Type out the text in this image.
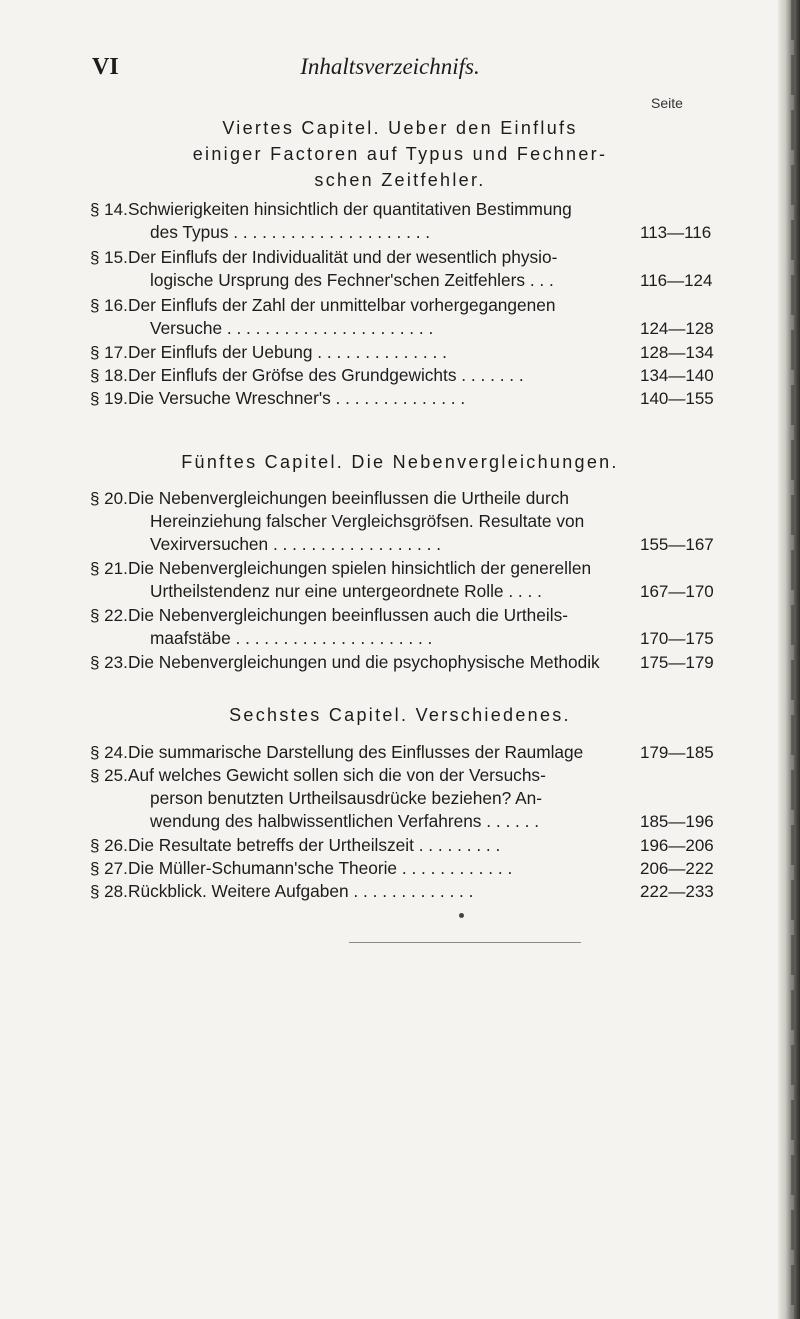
VI	Inhaltsverzeichnifs.
Seite
Viertes Capitel. Ueber den Einflufs
einiger Factoren auf Typus und Fechner-
schen Zeitfehler.
§ 14. Schwierigkeiten hinsichtlich der quantitativen Bestimmung
des Typus . . . . . . . . . . . . . . . . . . . . .	113—116
§ 15. Der Einflufs der Individualität und der wesentlich physio-
logische Ursprung des Fechner'schen Zeitfehlers . . .	116—124
§ 16. Der Einflufs der Zahl der unmittelbar vorhergegangenen
Versuche . . . . . . . . . . . . . . . . . . . . . .	124—128
§ 17. Der Einflufs der Uebung . . . . . . . . . . . . . .	128—134
§ 18. Der Einflufs der Gröfse des Grundgewichts . . . . . . .	134—140
§ 19. Die Versuche Wreschner's . . . . . . . . . . . . . .	140—155
Fünftes Capitel. Die Nebenvergleichungen.
§ 20. Die Nebenvergleichungen beeinflussen die Urtheile durch
Hereinziehung falscher Vergleichsgröfsen. Resultate von
Vexirversuchen . . . . . . . . . . . . . . . . . .	155—167
§ 21. Die Nebenvergleichungen spielen hinsichtlich der generellen
Urtheilstendenz nur eine untergeordnete Rolle . . . .	167—170
§ 22. Die Nebenvergleichungen beeinflussen auch die Urtheils-
maafstäbe . . . . . . . . . . . . . . . . . . . . .	170—175
§ 23. Die Nebenvergleichungen und die psychophysische Methodik	175—179
Sechstes Capitel. Verschiedenes.
§ 24. Die summarische Darstellung des Einflusses der Raumlage	179—185
§ 25. Auf welches Gewicht sollen sich die von der Versuchs-
person benutzten Urtheilsausdrücke beziehen? An-
wendung des halbwissentlichen Verfahrens . . . . . .	185—196
§ 26. Die Resultate betreffs der Urtheilszeit . . . . . . . . .	196—206
§ 27. Die Müller-Schumann'sche Theorie . . . . . . . . . . . .	206—222
§ 28. Rückblick. Weitere Aufgaben . . . . . . . . . . . . .	222—233
